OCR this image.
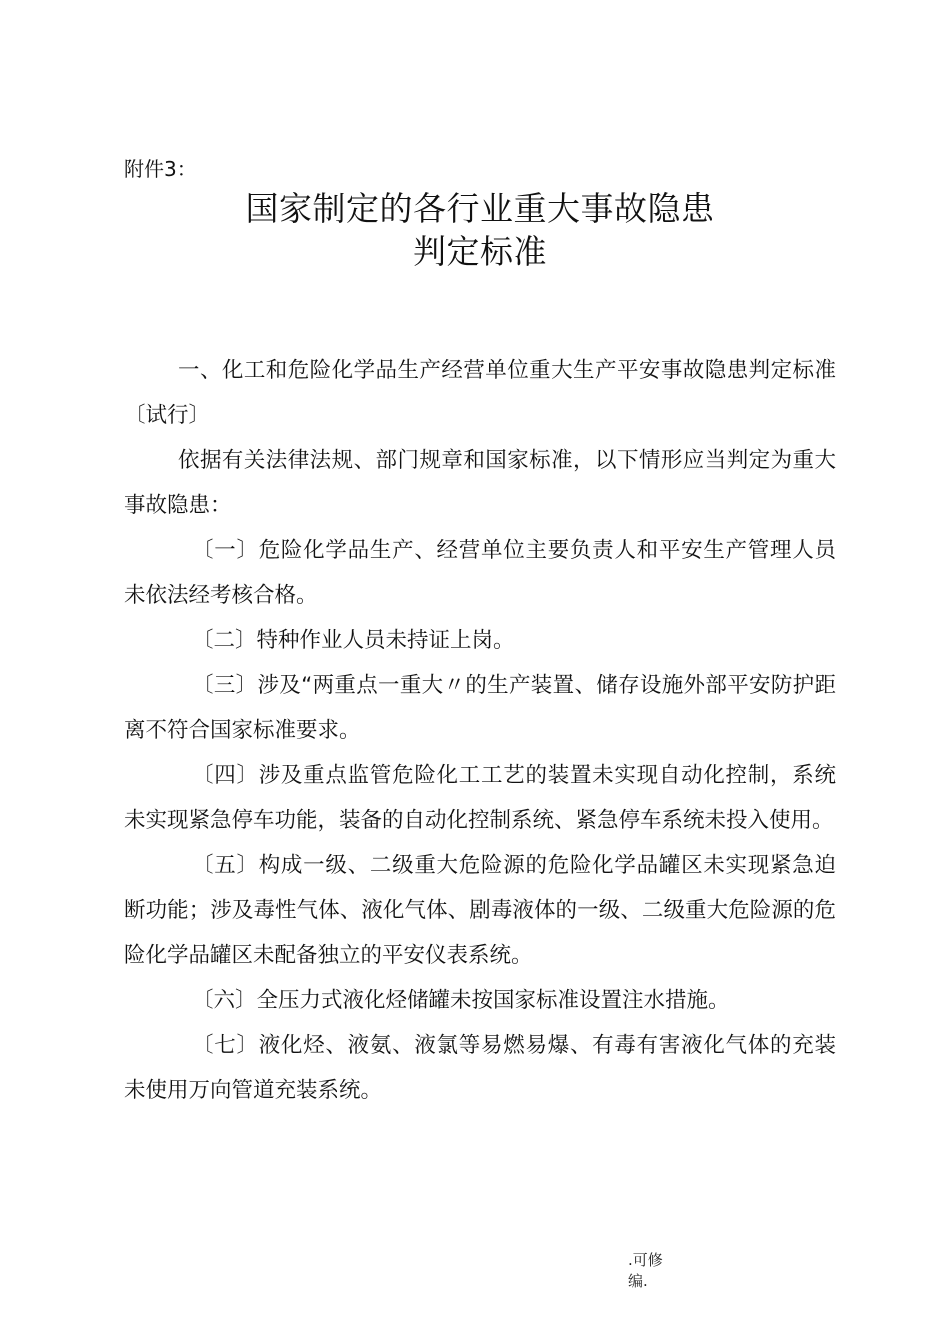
附件3：
国家制定的各行业重大事故隐患
判定标准

一、化工和危险化学品生产经营单位重大生产平安事故隐患判定标准〔试行〕

依据有关法律法规、部门规章和国家标准，以下情形应当判定为重大事故隐患：

〔一〕危险化学品生产、经营单位主要负责人和平安生产管理人员未依法经考核合格。

〔二〕特种作业人员未持证上岗。

〔三〕涉及“两重点一重大〃的生产装置、储存设施外部平安防护距离不符合国家标准要求。

〔四〕涉及重点监管危险化工工艺的装置未实现自动化控制，系统未实现紧急停车功能，装备的自动化控制系统、紧急停车系统未投入使用。

〔五〕构成一级、二级重大危险源的危险化学品罐区未实现紧急迫断功能；涉及毒性气体、液化气体、剧毒液体的一级、二级重大危险源的危险化学品罐区未配备独立的平安仪表系统。

〔六〕全压力式液化烃储罐未按国家标准设置注水措施。

〔七〕液化烃、液氨、液氯等易燃易爆、有毒有害液化气体的充装未使用万向管道充装系统。

.可修
编.
